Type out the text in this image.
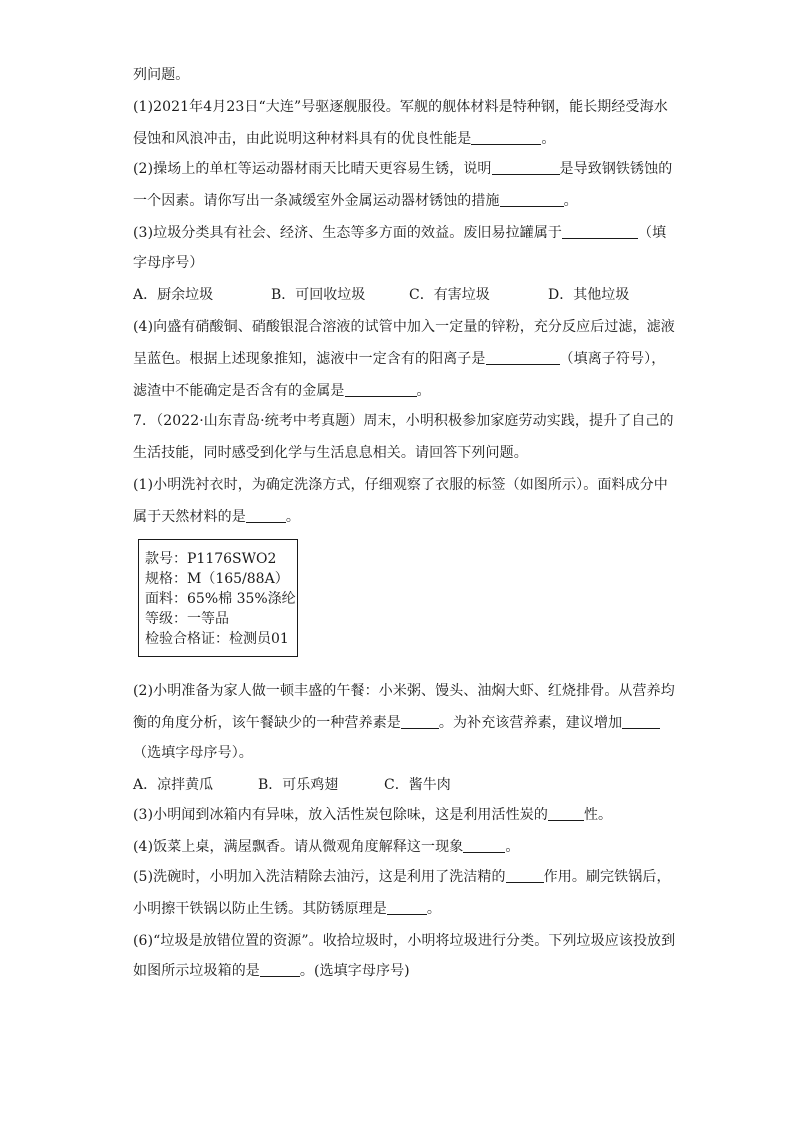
列问题。
(1)2021年4月23日“大连”号驱逐舰服役。军舰的舰体材料是特种钢，能长期经受海水
侵蚀和风浪冲击，由此说明这种材料具有的优良性能是	。
(2)操场上的单杠等运动器材雨天比晴天更容易生锈，说明	是导致钢铁锈蚀的
一个因素。请你写出一条减缓室外金属运动器材锈蚀的措施	。
(3)垃圾分类具有社会、经济、生态等多方面的效益。废旧易拉罐属于	（填
字母序号）
A．厨余垃圾	B．可回收垃圾	C．有害垃圾	D．其他垃圾
(4)向盛有硝酸铜、硝酸银混合溶液的试管中加入一定量的锌粉，充分反应后过滤，滤液
呈蓝色。根据上述现象推知，滤液中一定含有的阳离子是	（填离子符号），
滤渣中不能确定是否含有的金属是	。
7．（2022·山东青岛·统考中考真题）周末，小明积极参加家庭劳动实践，提升了自己的
生活技能，同时感受到化学与生活息息相关。请回答下列问题。
(1)小明洗衬衣时，为确定洗涤方式，仔细观察了衣服的标签（如图所示）。面料成分中
属于天然材料的是	。
款号：P1176SWO2
规格：M（165/88A）
面料：65%棉 35%涤纶
等级：一等品
检验合格证：检测员01
(2)小明准备为家人做一顿丰盛的午餐：小米粥、馒头、油焖大虾、红烧排骨。从营养均
衡的角度分析，该午餐缺少的一种营养素是	。为补充该营养素，建议增加
（选填字母序号）。
A．凉拌黄瓜	B．可乐鸡翅	C．酱牛肉
(3)小明闻到冰箱内有异味，放入活性炭包除味，这是利用活性炭的	性。
(4)饭菜上桌，满屋飘香。请从微观角度解释这一现象	。
(5)洗碗时，小明加入洗洁精除去油污，这是利用了洗洁精的	作用。刷完铁锅后，
小明擦干铁锅以防止生锈。其防锈原理是	。
(6)“垃圾是放错位置的资源”。收拾垃圾时，小明将垃圾进行分类。下列垃圾应该投放到
如图所示垃圾箱的是	。(选填字母序号)
